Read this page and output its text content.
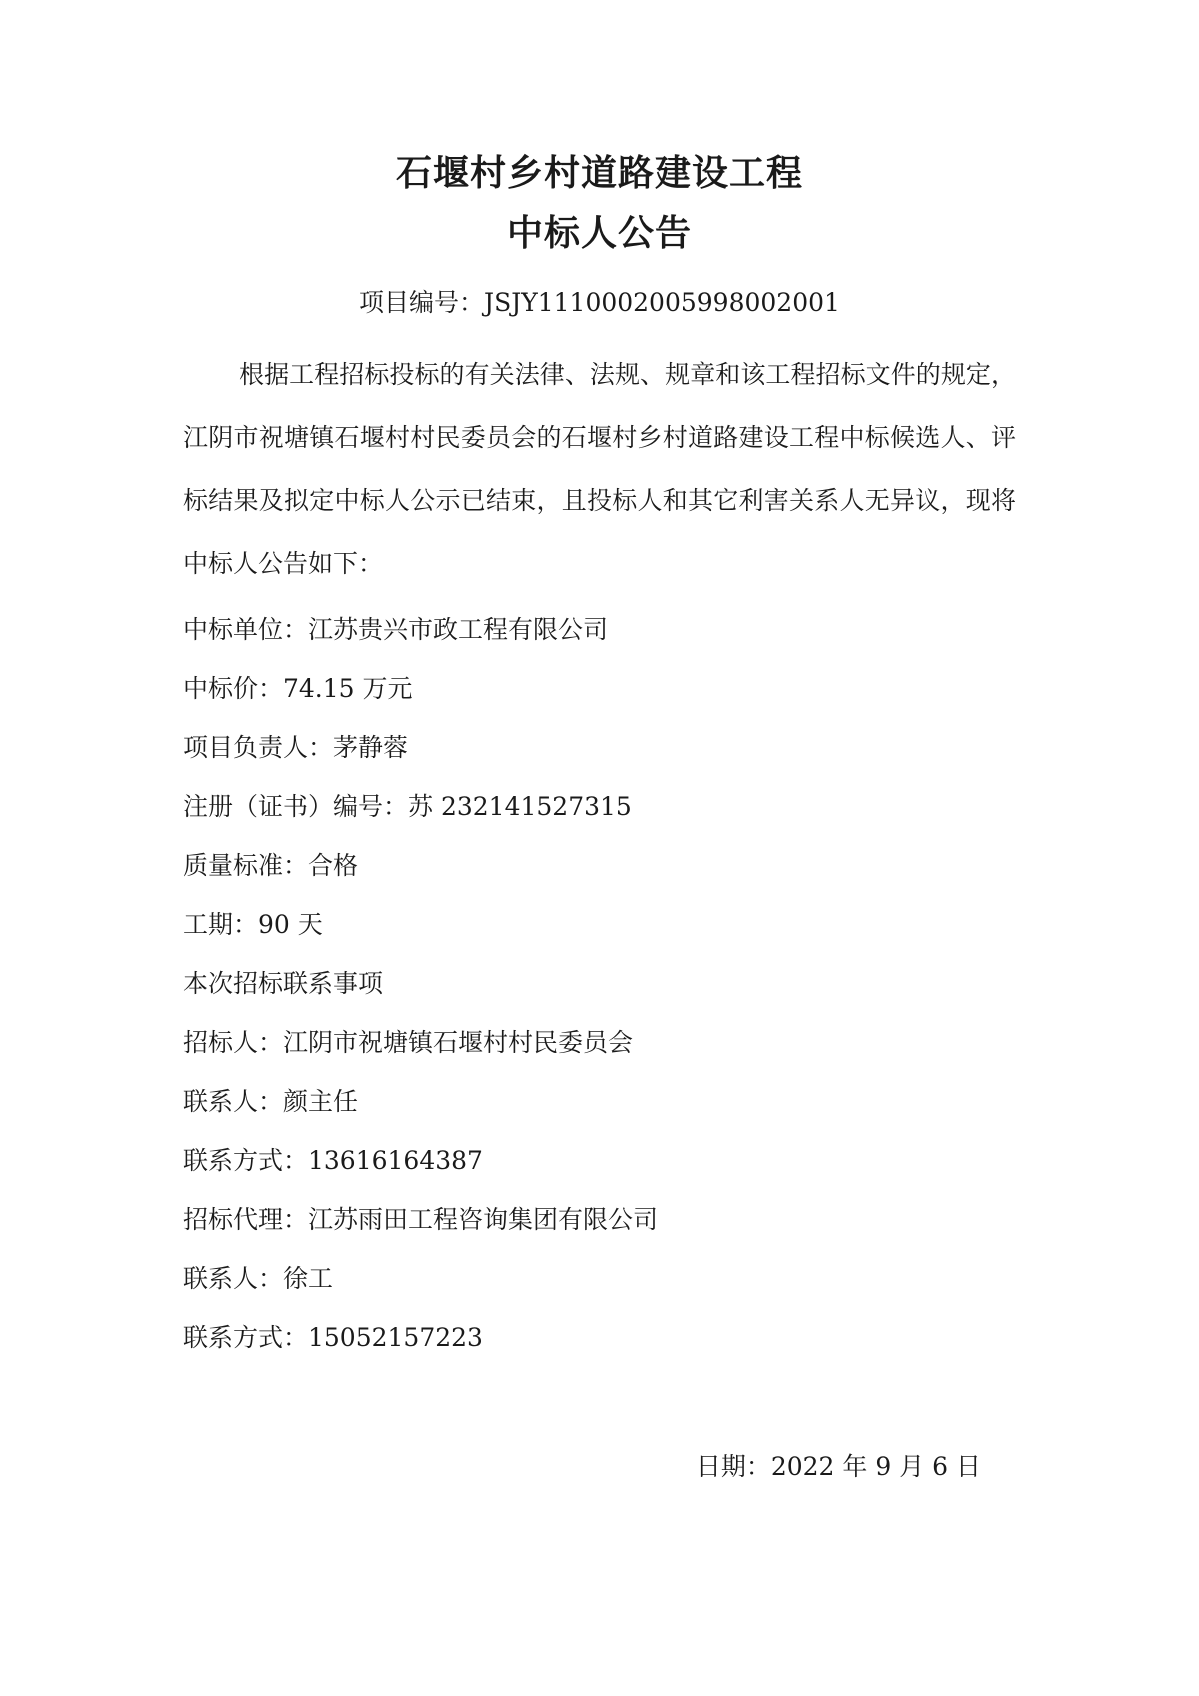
石堰村乡村道路建设工程
中标人公告
项目编号：JSJY1110002005998002001

根据工程招标投标的有关法律、法规、规章和该工程招标文件的规定，江阴市祝塘镇石堰村村民委员会的石堰村乡村道路建设工程中标候选人、评标结果及拟定中标人公示已结束，且投标人和其它利害关系人无异议，现将中标人公告如下：

中标单位：江苏贵兴市政工程有限公司
中标价：74.15 万元
项目负责人：茅静蓉
注册（证书）编号：苏 232141527315
质量标准：合格
工期：90 天
本次招标联系事项
招标人：江阴市祝塘镇石堰村村民委员会
联系人：颜主任
联系方式：13616164387
招标代理：江苏雨田工程咨询集团有限公司
联系人：徐工
联系方式：15052157223
日期：2022 年 9 月 6 日
